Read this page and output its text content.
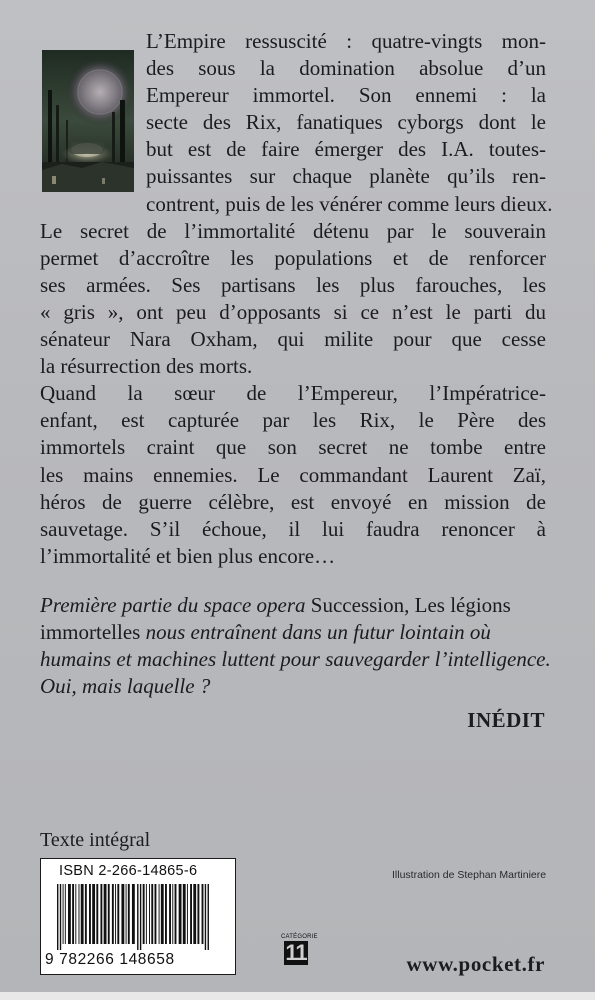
L’Empire ressuscité : quatre-vingts mon-
des sous la domination absolue d’un
Empereur immortel. Son ennemi : la
secte des Rix, fanatiques cyborgs dont le
but est de faire émerger des I.A. toutes-
puissantes sur chaque planète qu’ils ren-
contrent, puis de les vénérer comme leurs dieux.
Le secret de l’immortalité détenu par le souverain
permet d’accroître les populations et de renforcer
ses armées. Ses partisans les plus farouches, les
« gris », ont peu d’opposants si ce n’est le parti du
sénateur Nara Oxham, qui milite pour que cesse
la résurrection des morts.
Quand la sœur de l’Empereur, l’Impératrice-
enfant, est capturée par les Rix, le Père des
immortels craint que son secret ne tombe entre
les mains ennemies. Le commandant Laurent Zaï,
héros de guerre célèbre, est envoyé en mission de
sauvetage. S’il échoue, il lui faudra renoncer à
l’immortalité et bien plus encore…
Première partie du space opera Succession, Les légions
immortelles nous entraînent dans un futur lointain où
humains et machines luttent pour sauvegarder l’intelligence.
Oui, mais laquelle ?
INÉDIT
Texte intégral
ISBN 2-266-14865-6
9 782266 148658
Illustration de Stephan Martiniere
CATÉGORIE
11	www.pocket.fr
